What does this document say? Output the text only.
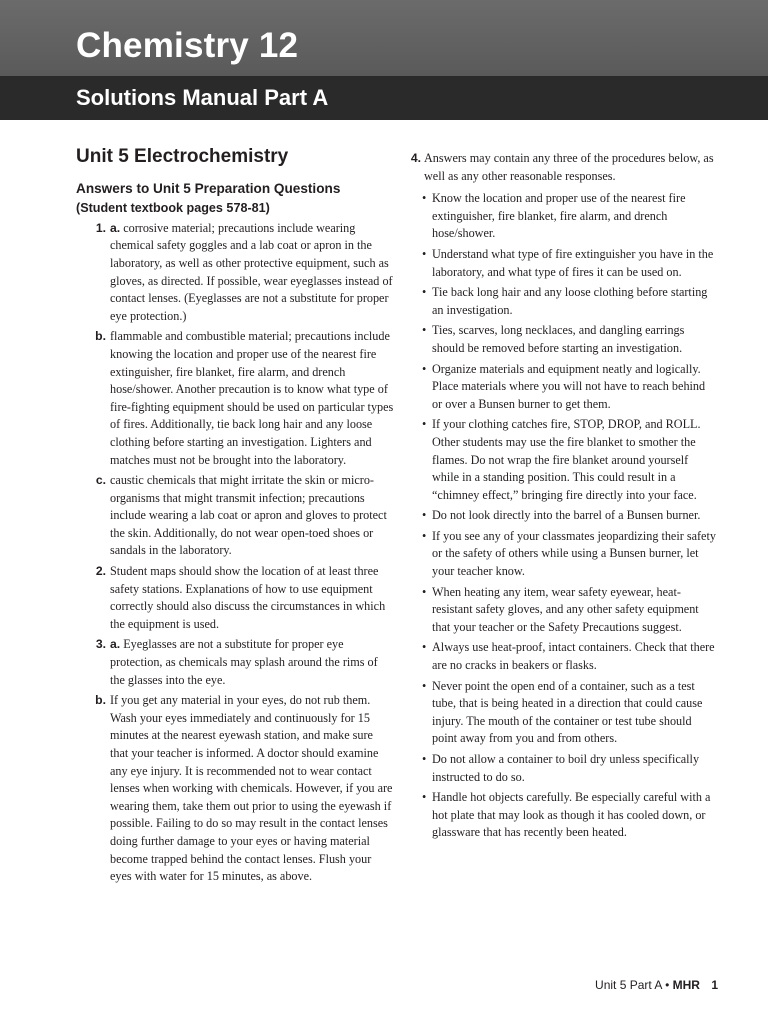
Chemistry 12
Solutions Manual Part A
Unit 5 Electrochemistry
Answers to Unit 5 Preparation Questions
(Student textbook pages 578-81)
1. a. corrosive material; precautions include wearing chemical safety goggles and a lab coat or apron in the laboratory, as well as other protective equipment, such as gloves, as directed. If possible, wear eyeglasses instead of contact lenses. (Eyeglasses are not a substitute for proper eye protection.)
b. flammable and combustible material; precautions include knowing the location and proper use of the nearest fire extinguisher, fire blanket, fire alarm, and drench hose/shower. Another precaution is to know what type of fire-fighting equipment should be used on particular types of fires. Additionally, tie back long hair and any loose clothing before starting an investigation. Lighters and matches must not be brought into the laboratory.
c. caustic chemicals that might irritate the skin or micro-organisms that might transmit infection; precautions include wearing a lab coat or apron and gloves to protect the skin. Additionally, do not wear open-toed shoes or sandals in the laboratory.
2. Student maps should show the location of at least three safety stations. Explanations of how to use equipment correctly should also discuss the circumstances in which the equipment is used.
3. a. Eyeglasses are not a substitute for proper eye protection, as chemicals may splash around the rims of the glasses into the eye.
b. If you get any material in your eyes, do not rub them. Wash your eyes immediately and continuously for 15 minutes at the nearest eyewash station, and make sure that your teacher is informed. A doctor should examine any eye injury. It is recommended not to wear contact lenses when working with chemicals. However, if you are wearing them, take them out prior to using the eyewash if possible. Failing to do so may result in the contact lenses doing further damage to your eyes or having material become trapped behind the contact lenses. Flush your eyes with water for 15 minutes, as above.
4. Answers may contain any three of the procedures below, as well as any other reasonable responses.
• Know the location and proper use of the nearest fire extinguisher, fire blanket, fire alarm, and drench hose/shower.
• Understand what type of fire extinguisher you have in the laboratory, and what type of fires it can be used on.
• Tie back long hair and any loose clothing before starting an investigation.
• Ties, scarves, long necklaces, and dangling earrings should be removed before starting an investigation.
• Organize materials and equipment neatly and logically. Place materials where you will not have to reach behind or over a Bunsen burner to get them.
• If your clothing catches fire, STOP, DROP, and ROLL. Other students may use the fire blanket to smother the flames. Do not wrap the fire blanket around yourself while in a standing position. This could result in a “chimney effect,” bringing fire directly into your face.
• Do not look directly into the barrel of a Bunsen burner.
• If you see any of your classmates jeopardizing their safety or the safety of others while using a Bunsen burner, let your teacher know.
• When heating any item, wear safety eyewear, heat-resistant safety gloves, and any other safety equipment that your teacher or the Safety Precautions suggest.
• Always use heat-proof, intact containers. Check that there are no cracks in beakers or flasks.
• Never point the open end of a container, such as a test tube, that is being heated in a direction that could cause injury. The mouth of the container or test tube should point away from you and from others.
• Do not allow a container to boil dry unless specifically instructed to do so.
• Handle hot objects carefully. Be especially careful with a hot plate that may look as though it has cooled down, or glassware that has recently been heated.
Unit 5 Part A • MHR 1
